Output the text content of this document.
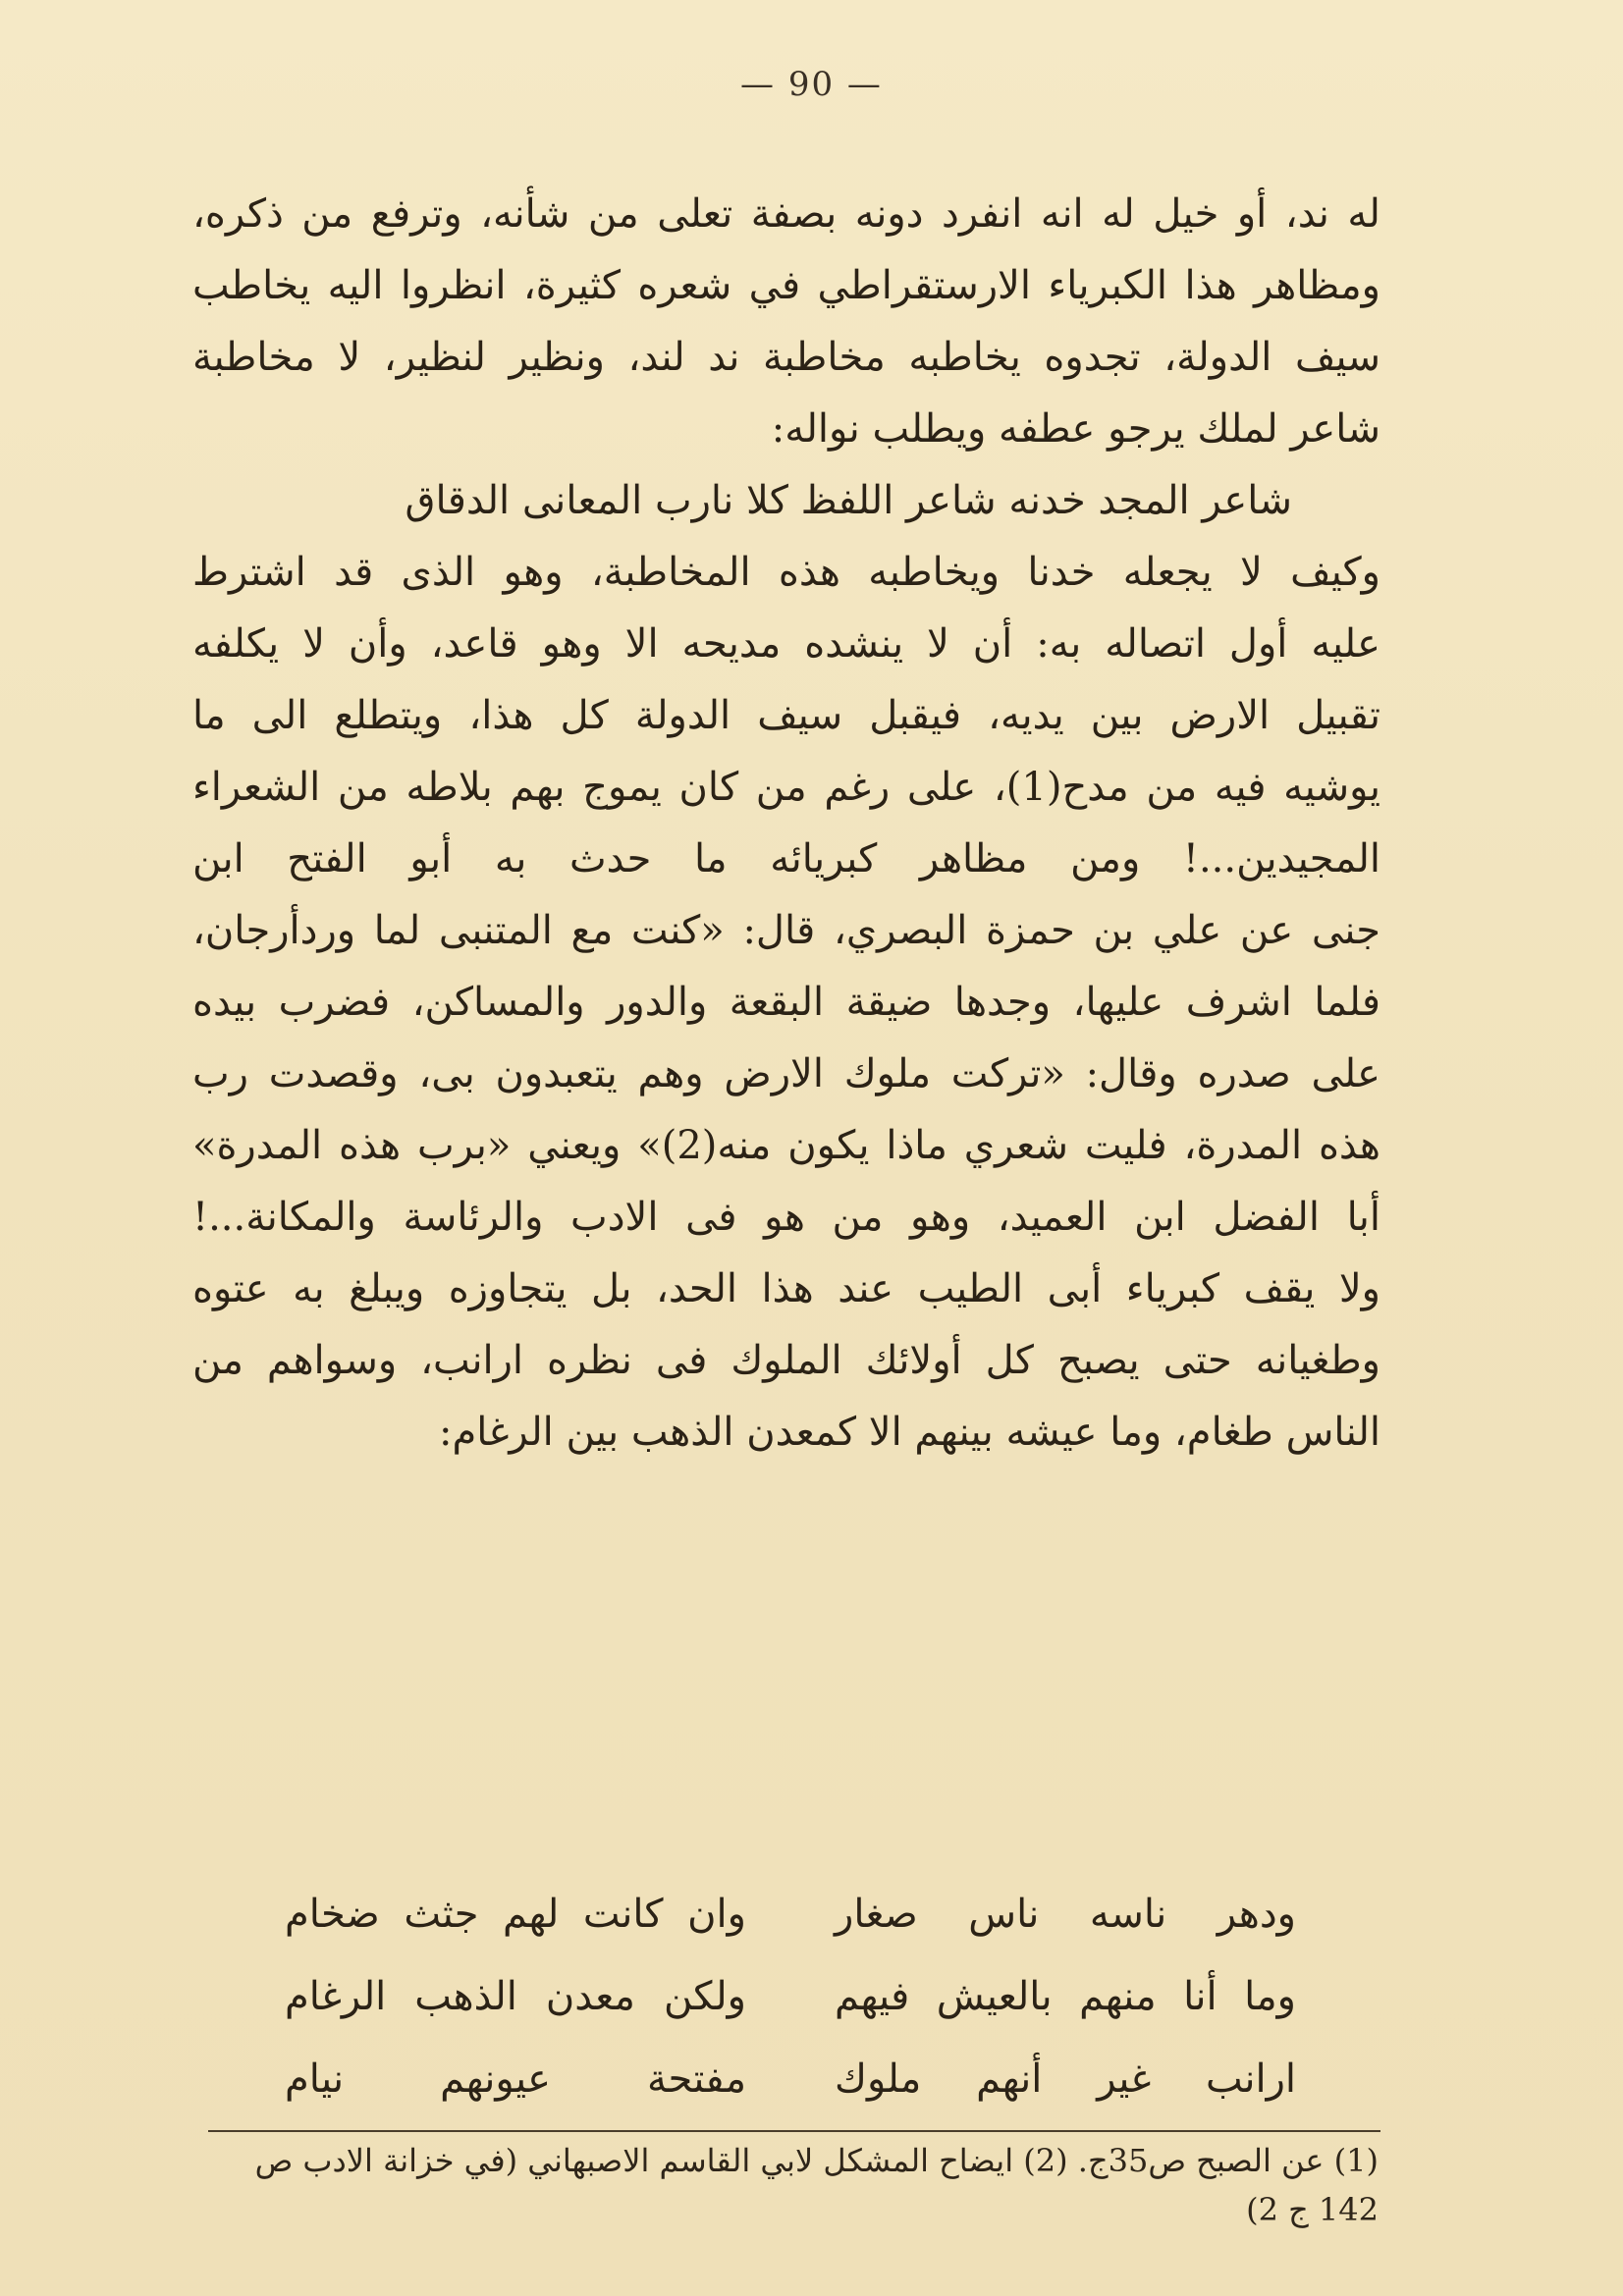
— 90 —
له ند، أو خيل له انه انفرد دونه بصفة تعلى من شأنه، وترفع من ذكره،
ومظاهر هذا الكبرياء الارستقراطي في شعره كثيرة، انظروا اليه يخاطب
سيف الدولة، تجدوه يخاطبه مخاطبة ند لند، ونظير لنظير، لا مخاطبة
شاعر لملك يرجو عطفه ويطلب نواله:
شاعر المجد خدنه شاعر اللفظ كلا نارب المعانى الدقاق
وكيف لا يجعله خدنا ويخاطبه هذه المخاطبة، وهو الذى قد اشترط
عليه أول اتصاله به: أن لا ينشده مديحه الا وهو قاعد، وأن لا يكلفه
تقبيل الارض بين يديه، فيقبل سيف الدولة كل هذا، ويتطلع الى ما
يوشيه فيه من مدح(1)، على رغم من كان يموج بهم بلاطه من الشعراء
المجيدين...! ومن مظاهر كبريائه ما حدث به أبو الفتح ابن
جنى عن علي بن حمزة البصري، قال: «كنت مع المتنبى لما وردأرجان،
فلما اشرف عليها، وجدها ضيقة البقعة والدور والمساكن، فضرب بيده
على صدره وقال: «تركت ملوك الارض وهم يتعبدون بى، وقصدت رب
هذه المدرة، فليت شعري ماذا يكون منه(2)» ويعني «برب هذه المدرة»
أبا الفضل ابن العميد، وهو من هو فى الادب والرئاسة والمكانة...!
ولا يقف كبرياء أبى الطيب عند هذا الحد، بل يتجاوزه ويبلغ به عتوه
وطغيانه حتى يصبح كل أولائك الملوك فى نظره ارانب، وسواهم من
الناس طغام، وما عيشه بينهم الا كمعدن الذهب بين الرغام:
ودهر ناسه ناس صغار
وان كانت لهم جثث ضخام
وما أنا منهم بالعيش فيهم
ولكن معدن الذهب الرغام
ارانب غير أنهم ملوك
مفتحة عيونهم نيام
(1) عن الصبح ص35ج. (2) ايضاح المشكل لابي القاسم الاصبهاني (في خزانة الادب ص
142 ج 2)
